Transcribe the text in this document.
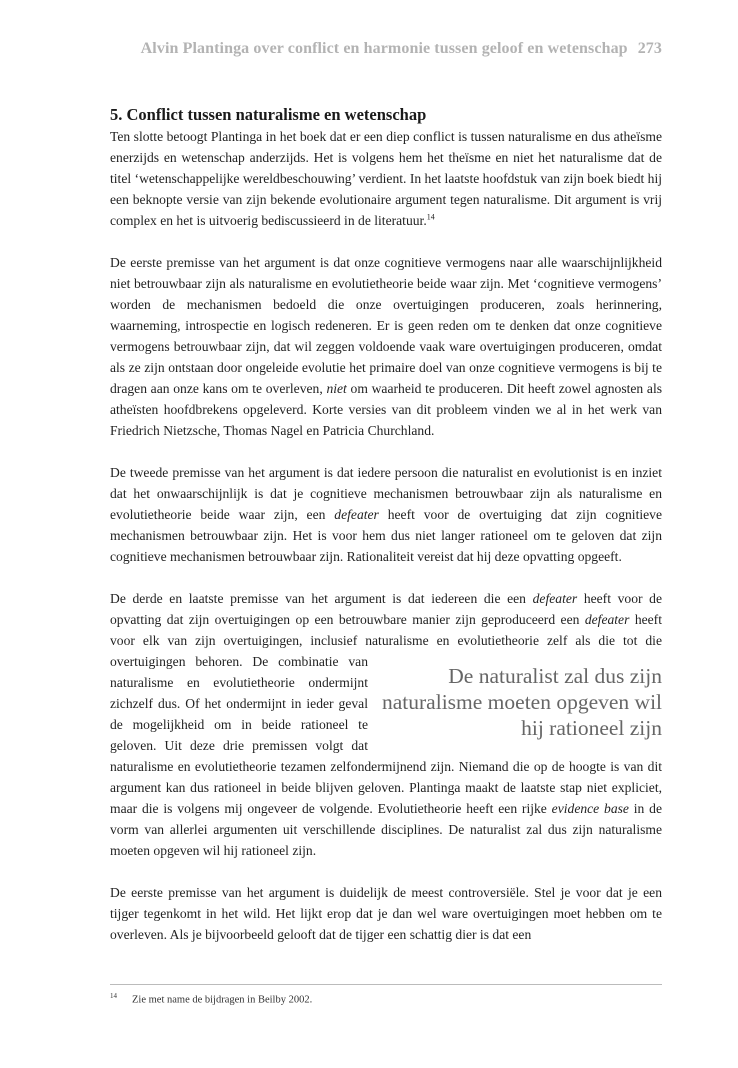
Alvin Plantinga over conflict en harmonie tussen geloof en wetenschap 273
5. Conflict tussen naturalisme en wetenschap

Ten slotte betoogt Plantinga in het boek dat er een diep conflict is tussen naturalisme en dus atheïsme enerzijds en wetenschap anderzijds. Het is volgens hem het theïsme en niet het naturalisme dat de titel ‘wetenschappelijke wereldbeschouwing’ verdient. In het laatste hoofdstuk van zijn boek biedt hij een beknopte versie van zijn bekende evolutionaire argument tegen naturalisme. Dit argument is vrij complex en het is uitvoerig bediscussieerd in de literatuur.$^{14}$

De eerste premisse van het argument is dat onze cognitieve vermogens naar alle waarschijnlijkheid niet betrouwbaar zijn als naturalisme en evolutietheorie beide waar zijn. Met ‘cognitieve vermogens’ worden de mechanismen bedoeld die onze overtuigingen produceren, zoals herinnering, waarneming, introspectie en logisch redeneren. Er is geen reden om te denken dat onze cognitieve vermogens betrouwbaar zijn, dat wil zeggen voldoende vaak ware overtuigingen produceren, omdat als ze zijn ontstaan door ongeleide evolutie het primaire doel van onze cognitieve vermogens is bij te dragen aan onze kans om te overleven, niet om waarheid te produceren. Dit heeft zowel agnosten als atheïsten hoofdbrekens opgeleverd. Korte versies van dit probleem vinden we al in het werk van Friedrich Nietzsche, Thomas Nagel en Patricia Churchland.

De tweede premisse van het argument is dat iedere persoon die naturalist en evolutionist is en inziet dat het onwaarschijnlijk is dat je cognitieve mechanismen betrouwbaar zijn als naturalisme en evolutietheorie beide waar zijn, een defeater heeft voor de overtuiging dat zijn cognitieve mechanismen betrouwbaar zijn. Het is voor hem dus niet langer rationeel om te geloven dat zijn cognitieve mechanismen betrouwbaar zijn. Rationaliteit vereist dat hij deze opvatting opgeeft.

De derde en laatste premisse van het argument is dat iedereen die een defeater heeft voor de opvatting dat zijn overtuigingen op een betrouwbare manier zijn geproduceerd een defeater heeft voor elk van zijn overtuigingen, inclusief naturalisme en evolutietheorie zelf als die tot die overtuigingen behoren.
De naturalist zal dus zijn naturalisme moeten opgeven wil hij rationeel zijn
De combinatie van naturalisme en evolutietheorie ondermijnt zichzelf dus. Of het ondermijnt in ieder geval de mogelijkheid om in beide rationeel te geloven. Uit deze drie premissen volgt dat naturalisme en evolutietheorie tezamen zelfondermijnend zijn. Niemand die op de hoogte is van dit argument kan dus rationeel in beide blijven geloven. Plantinga maakt de laatste stap niet expliciet, maar die is volgens mij ongeveer de volgende. Evolutietheorie heeft een rijke evidence base in de vorm van allerlei argumenten uit verschillende disciplines. De naturalist zal dus zijn naturalisme moeten opgeven wil hij rationeel zijn.

De eerste premisse van het argument is duidelijk de meest controversiële. Stel je voor dat je een tijger tegenkomt in het wild. Het lijkt erop dat je dan wel ware overtuigingen moet hebben om te overleven. Als je bijvoorbeeld gelooft dat de tijger een schattig dier is dat een

14 Zie met name de bijdragen in Beilby 2002.
